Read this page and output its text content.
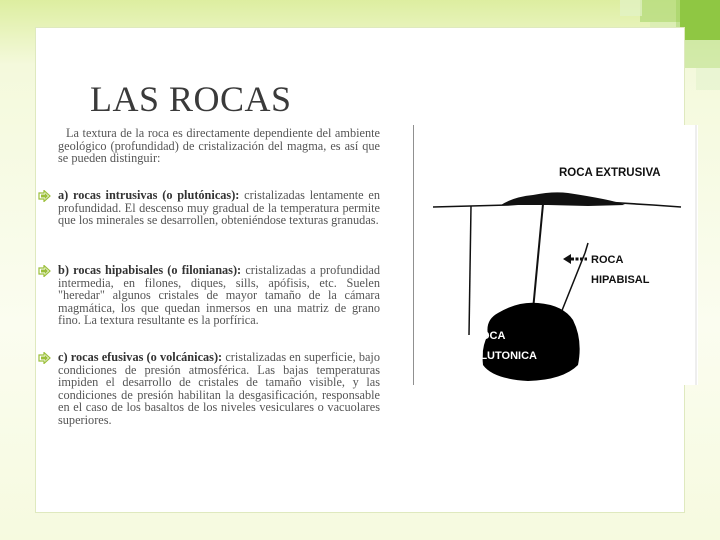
LAS ROCAS
La textura de la roca es directamente dependiente del ambiente geológico (profundidad) de cristalización del magma, es así que se pueden distinguir:
a) rocas intrusivas (o plutónicas): cristalizadas lentamente en profundidad. El descenso muy gradual de la temperatura permite que los minerales se desarrollen, obteniéndose texturas granudas.
b) rocas hipabisales (o filonianas): cristalizadas a profundidad intermedia, en filones, diques, sills, apófisis, etc. Suelen "heredar" algunos cristales de mayor tamaño de la cámara magmática, los que quedan inmersos en una matriz de grano fino. La textura resultante es la porfírica.
c) rocas efusivas (o volcánicas): cristalizadas en superficie, bajo condiciones de presión atmosférica. Las bajas temperaturas impiden el desarrollo de cristales de tamaño visible, y las condiciones de presión habilitan la desgasificación, responsable en el caso de los basaltos de los niveles vesiculares o vacuolares superiores.
ROCA EXTRUSIVA
ROCA
HIPABISAL
ROCA
PLUTONICA
